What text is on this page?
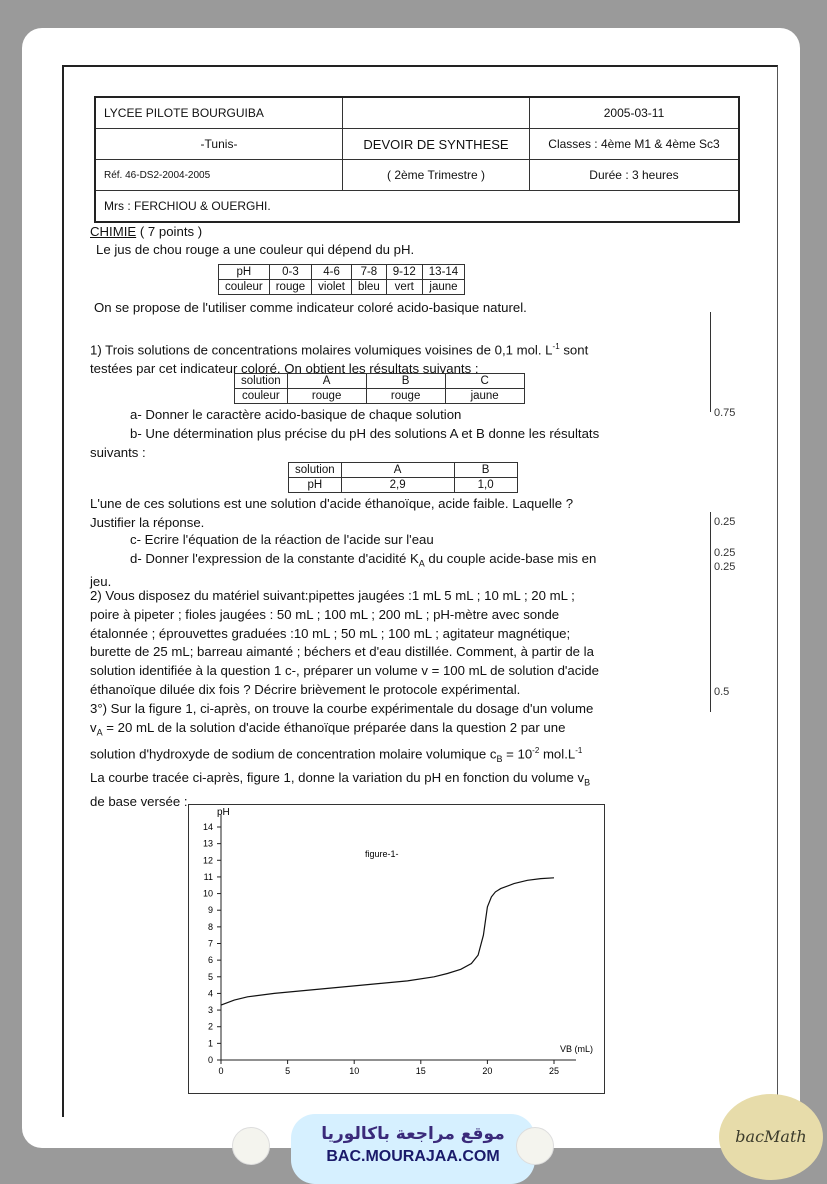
LYCEE PILOTE BOURGUIBA		2005-03-11
-Tunis-	DEVOIR DE SYNTHESE	Classes : 4ème M1 & 4ème Sc3
Réf. 46-DS2-2004-2005	( 2ème Trimestre )	Durée : 3 heures
Mrs : FERCHIOU & OUERGHI.		
CHIMIE ( 7 points )
Le jus de chou rouge a une couleur qui dépend du pH.
pH	0-3	4-6	7-8	9-12	13-14
couleur	rouge	violet	bleu	vert	jaune
On se propose de l'utiliser comme indicateur coloré acido-basique naturel.
1) Trois solutions de concentrations molaires volumiques voisines de 0,1 mol. $L^{-1}$ sont
testées par cet indicateur coloré. On obtient les résultats suivants :
solution	A	B	C
couleur	rouge	rouge	jaune
a- Donner le caractère acido-basique de chaque solution
b- Une détermination plus précise du pH des solutions A et B donne les résultats
suivants :
solution	A	B
pH	2,9	1,0
L'une de ces solutions est une solution d'acide éthanoïque, acide faible. Laquelle ?
Justifier la réponse.
c- Ecrire l'équation de la réaction de l'acide sur l'eau
d- Donner l'expression de la constante d'acidité $K_A$ du couple acide-base mis en
jeu.
2) Vous disposez du matériel suivant:pipettes jaugées :1 mL 5 mL ; 10 mL ; 20 mL ;
poire à pipeter ; fioles jaugées : 50 mL ; 100 mL ; 200 mL ; pH-mètre avec sonde
étalonnée ; éprouvettes graduées :10 mL ; 50 mL ; 100 mL ; agitateur magnétique;
burette de 25 mL; barreau aimanté ; béchers et d'eau distillée. Comment, à partir de la
solution identifiée à la question 1 c-, préparer un volume v = 100 mL de solution d'acide
éthanoïque diluée dix fois ? Décrire brièvement le protocole expérimental.
3°) Sur la figure 1, ci-après, on trouve la courbe expérimentale du dosage d'un volume
$v_A = 20$ mL de la solution d'acide éthanoïque préparée dans la question 2 par une
solution d'hydroxyde de sodium de concentration molaire volumique $c_B = 10^{-2}$ $mol.L^{-1}$
La courbe tracée ci-après, figure 1, donne la variation du pH en fonction du volume $v_B$
de base versée :
0.75
0.25
0.25
0.25
0.5
0
1
2
3
4
5
6
7
8
9
10
11
12
13
14
0	5	10	15	20	25
pH
VB (mL)
figure-1-
موقع مراجعة باكالوريا
BAC.MOURAJAA.COM
bacMath
